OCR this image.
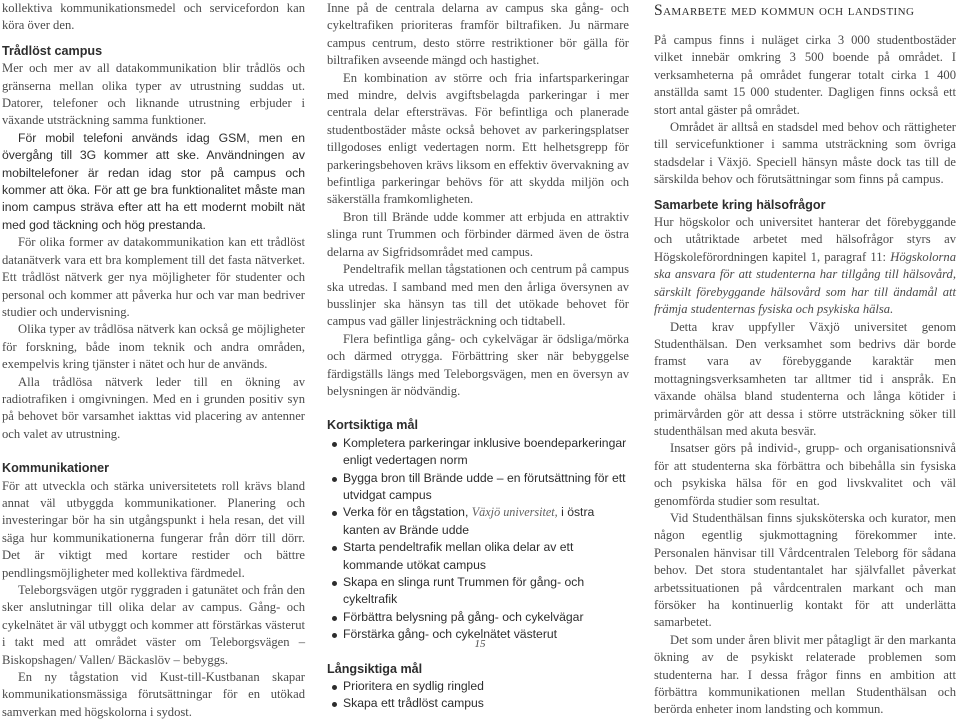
kollektiva kommunikationsmedel och servicefordon kan köra över den.

Trådlöst campus

Mer och mer av all datakommunikation blir trådlös och gränserna mellan olika typer av utrustning suddas ut. Datorer, telefoner och liknande utrustning erbjuder i växande utsträckning samma funktioner.

För mobil telefoni används idag GSM, men en övergång till 3G kommer att ske. Användningen av mobiltelefoner är redan idag stor på campus och kommer att öka. För att ge bra funktionalitet måste man inom campus sträva efter att ha ett modernt mobilt nät med god täckning och hög prestanda.

För olika former av datakommunikation kan ett trådlöst datanätverk vara ett bra komplement till det fasta nätverket. Ett trådlöst nätverk ger nya möjligheter för studenter och personal och kommer att påverka hur och var man bedriver studier och undervisning.

Olika typer av trådlösa nätverk kan också ge möjligheter för forskning, både inom teknik och andra områden, exempelvis kring tjänster i nätet och hur de används.

Alla trådlösa nätverk leder till en ökning av radiotrafiken i omgivningen. Med en i grunden positiv syn på behovet bör varsamhet iakttas vid placering av antenner och valet av utrustning.

Kommunikationer

För att utveckla och stärka universitetets roll krävs bland annat väl utbyggda kommunikationer. Planering och investeringar bör ha sin utgångspunkt i hela resan, det vill säga hur kommunikationerna fungerar från dörr till dörr. Det är viktigt med kortare restider och bättre pendlingsmöjligheter med kollektiva färdmedel.

Teleborgsvägen utgör ryggraden i gatunätet och från den sker anslutningar till olika delar av campus. Gång- och cykelnätet är väl utbyggt och kommer att förstärkas västerut i takt med att området väster om Teleborgsvägen – Biskopshagen/ Vallen/ Bäckaslöv – bebyggs.

En ny tågstation vid Kust-till-Kustbanan skapar kommunikationsmässiga förutsättningar för en utökad samverkan med högskolorna i sydost.

Inne på de centrala delarna av campus ska gång- och cykeltrafiken prioriteras framför biltrafiken. Ju närmare campus centrum, desto större restriktioner bör gälla för biltrafiken avseende mängd och hastighet.

En kombination av större och fria infartsparkeringar med mindre, delvis avgiftsbelagda parkeringar i mer centrala delar eftersträvas. För befintliga och planerade studentbostäder måste också behovet av parkeringsplatser tillgodoses enligt vedertagen norm. Ett helhetsgrepp för parkeringsbehoven krävs liksom en effektiv övervakning av befintliga parkeringar behövs för att skydda miljön och säkerställa framkomligheten.

Bron till Brände udde kommer att erbjuda en attraktiv slinga runt Trummen och förbinder därmed även de östra delarna av Sigfridsområdet med campus.

Pendeltrafik mellan tågstationen och centrum på campus ska utredas. I samband med men den årliga översynen av busslinjer ska hänsyn tas till det utökade behovet för campus vad gäller linjesträckning och tidtabell.

Flera befintliga gång- och cykelvägar är ödsliga/mörka och därmed otrygga. Förbättring sker när bebyggelse färdigställs längs med Teleborgsvägen, men en översyn av belysningen är nödvändig.

Kortsiktiga mål

Kompletera parkeringar inklusive boendeparkeringar enligt vedertagen norm
Bygga bron till Brände udde – en förutsättning för ett utvidgat campus
Verka för en tågstation, Växjö universitet, i östra kanten av Brände udde
Starta pendeltrafik mellan olika delar av ett kommande utökat campus
Skapa en slinga runt Trummen för gång- och cykeltrafik
Förbättra belysning på gång- och cykelvägar
Förstärka gång- och cykelnätet västerut

Långsiktiga mål

Prioritera en sydlig ringled
Skapa ett trådlöst campus

Samarbete med kommun och landsting

På campus finns i nuläget cirka 3 000 studentbostäder vilket innebär omkring 3 500 boende på området. I verksamheterna på området fungerar totalt cirka 1 400 anställda samt 15 000 studenter. Dagligen finns också ett stort antal gäster på området.

Området är alltså en stadsdel med behov och rättigheter till servicefunktioner i samma utsträckning som övriga stadsdelar i Växjö. Speciell hänsyn måste dock tas till de särskilda behov och förutsättningar som finns på campus.

Samarbete kring hälsofrågor

Hur högskolor och universitet hanterar det förebyggande och utåtriktade arbetet med hälsofrågor styrs av Högskoleförordningen kapitel 1, paragraf 11: Högskolorna ska ansvara för att studenterna har tillgång till hälsovård, särskilt förebyggande hälsovård som har till ändamål att främja studenternas fysiska och psykiska hälsa.

Detta krav uppfyller Växjö universitet genom Studenthälsan. Den verksamhet som bedrivs där borde framst vara av förebyggande karaktär men mottagningsverksamheten tar alltmer tid i anspråk. En växande ohälsa bland studenterna och långa kötider i primärvården gör att dessa i större utsträckning söker till studenthälsan med akuta besvär.

Insatser görs på individ-, grupp- och organisationsnivå för att studenterna ska förbättra och bibehålla sin fysiska och psykiska hälsa för en god livskvalitet och väl genomförda studier som resultat.

Vid Studenthälsan finns sjuksköterska och kurator, men någon egentlig sjukmottagning förekommer inte. Personalen hänvisar till Vårdcentralen Teleborg för sådana behov. Det stora studentantalet har självfallet påverkat arbetssituationen på vårdcentralen markant och man försöker ha kontinuerlig kontakt för att underlätta samarbetet.

Det som under åren blivit mer påtagligt är den markanta ökning av de psykiskt relaterade problemen som studenterna har. I dessa frågor finns en ambition att förbättra kommunikationen mellan Studenthälsan och berörda enheter inom landsting och kommun.

15
